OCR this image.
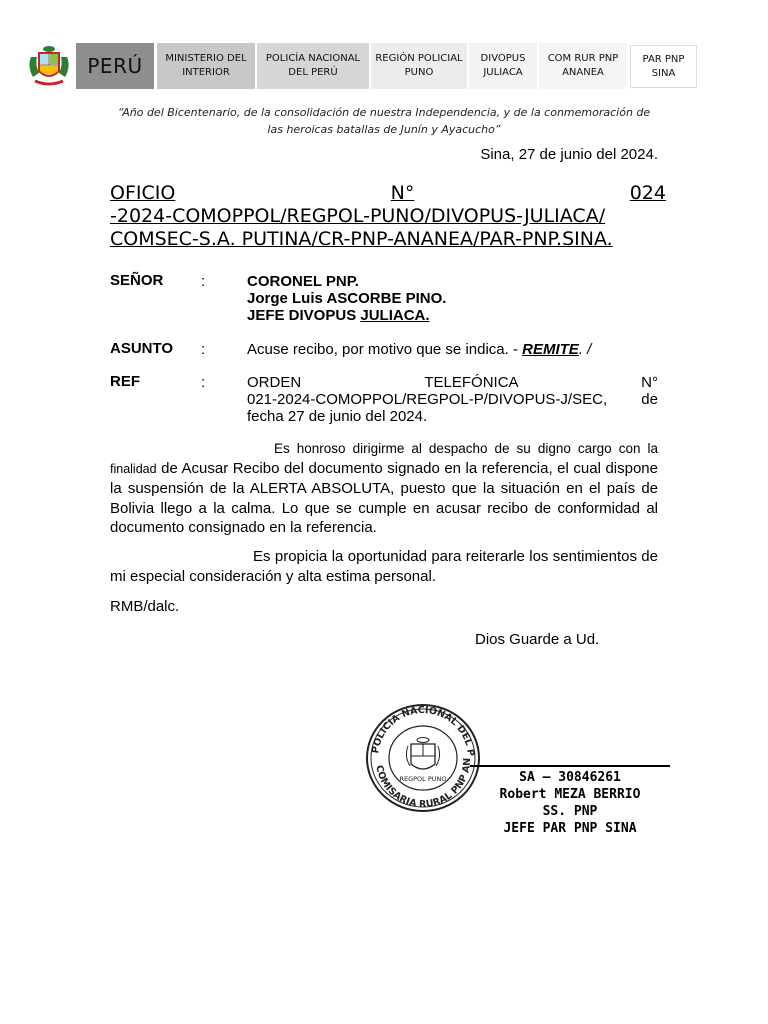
PERÚ	MINISTERIO DEL INTERIOR
POLICÍA NACIONAL DEL PERÚ
REGIÓN POLICIAL PUNO
DIVOPUS JULIACA
COM RUR PNP ANANEA
PAR PNP SINA
“Año del Bicentenario, de la consolidación de nuestra Independencia, y de la conmemoración de las heroicas batallas de Junín y Ayacucho”
Sina, 27 de junio del 2024.
OFICIO	N°	024
-2024-COMOPPOL/REGPOL-PUNO/DIVOPUS-JULIACA/
COMSEC-S.A. PUTINA/CR-PNP-ANANEA/PAR-PNP.SINA.
SEÑOR	:	CORONEL PNP.
Jorge Luis ASCORBE PINO.
JEFE DIVOPUS JULIACA.
ASUNTO :	Acuse recibo, por motivo que se indica. - REMITE. /
REF	:	ORDEN TELEFÓNICA N°
021-2024-COMOPPOL/REGPOL-P/DIVOPUS-J/SEC, de
fecha 27 de junio del 2024.
Es honroso dirigirme al despacho de su digno cargo con la
finalidad de Acusar Recibo del documento signado en la referencia, el cual dispone la suspensión de la ALERTA ABSOLUTA, puesto que la situación en el país de Bolivia llego a la calma. Lo que se cumple en acusar recibo de conformidad al documento consignado en la referencia.
Es propicia la oportunidad para reiterarle los sentimientos de mi especial consideración y alta estima personal.
RMB/dalc.
Dios Guarde a Ud.
POLICIA NACIONAL DEL P
COMISARIA RURAL PNP AN
REGPOL PUNO	SA – 30846261
Robert MEZA BERRIO
SS. PNP
JEFE PAR PNP SINA
